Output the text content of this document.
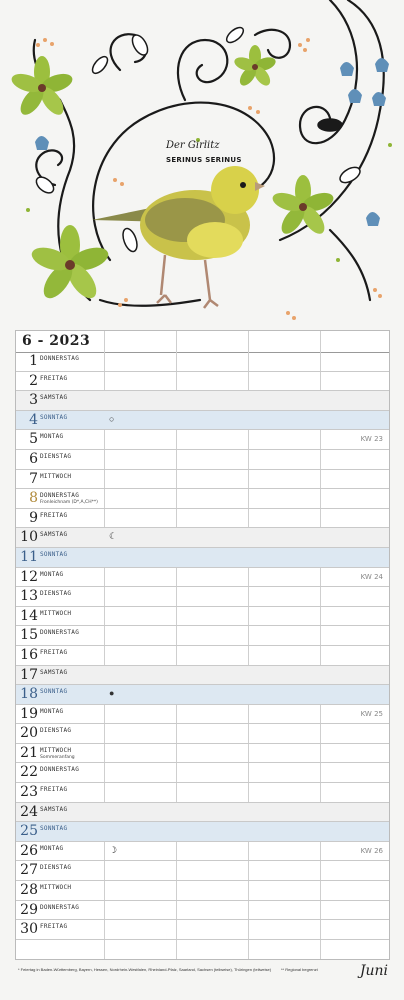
Der Girlitz
SERINUS SERINUS
6 - 2023
1 DONNERSTAG
2 FREITAG
3 SAMSTAG
4 SONNTAG	○
5 MONTAG	KW 23
6 DIENSTAG
7 MITTWOCH
8 DONNERSTAG
Fronleichnam (D*,A,CH**)
9 FREITAG
10 SAMSTAG	☾
11 SONNTAG
12 MONTAG	KW 24
13 DIENSTAG
14 MITTWOCH
15 DONNERSTAG
16 FREITAG
17 SAMSTAG
18 SONNTAG	●
19 MONTAG	KW 25
20 DIENSTAG
21 MITTWOCH
Sommeranfang
22 DONNERSTAG
23 FREITAG
24 SAMSTAG
25 SONNTAG
26 MONTAG	☽	KW 26
27 DIENSTAG
28 MITTWOCH
29 DONNERSTAG
30 FREITAG
* Feiertag in Baden-Württemberg, Bayern, Hessen, Nordrhein-Westfalen, Rheinland-Pfalz, Saarland, Sachsen (teilweise), Thüringen (teilweise) ** Regional begrenzt	Juni
